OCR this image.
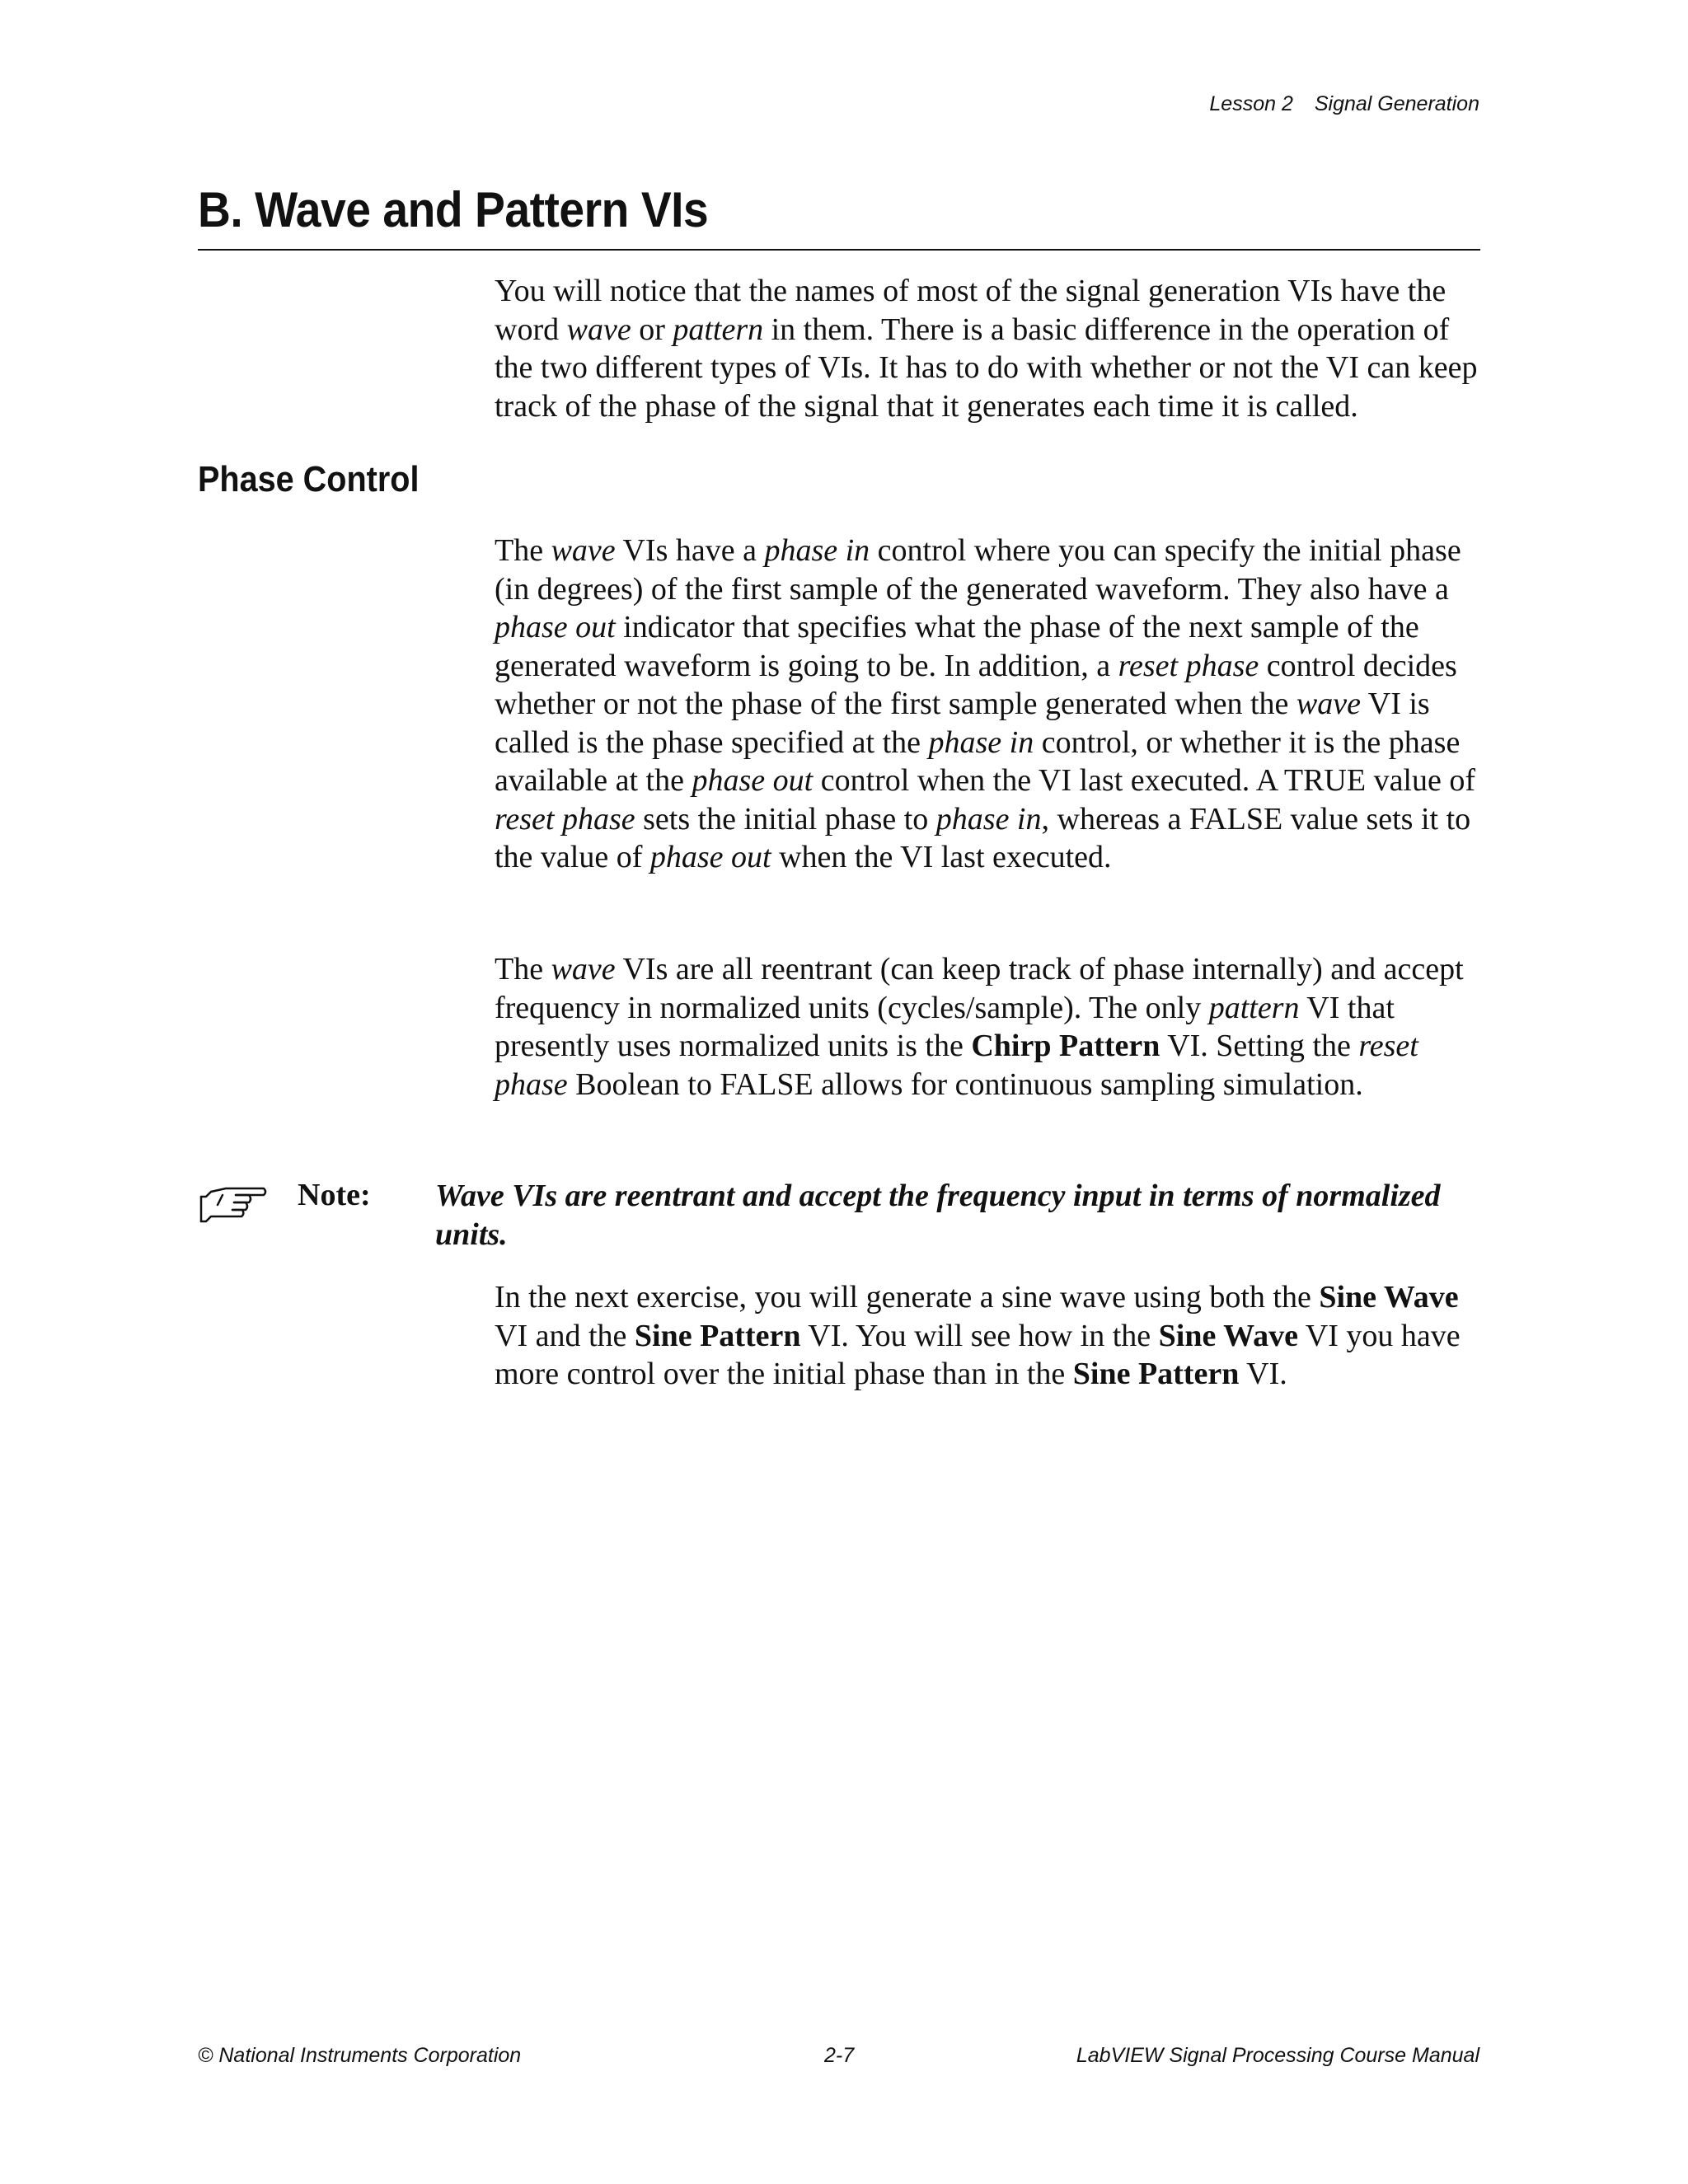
Lesson 2 Signal Generation
B. Wave and Pattern VIs

You will notice that the names of most of the signal generation VIs have the word wave or pattern in them. There is a basic difference in the operation of the two different types of VIs. It has to do with whether or not the VI can keep track of the phase of the signal that it generates each time it is called.

Phase Control

The wave VIs have a phase in control where you can specify the initial phase (in degrees) of the first sample of the generated waveform. They also have a phase out indicator that specifies what the phase of the next sample of the generated waveform is going to be. In addition, a reset phase control decides whether or not the phase of the first sample generated when the wave VI is called is the phase specified at the phase in control, or whether it is the phase available at the phase out control when the VI last executed. A TRUE value of reset phase sets the initial phase to phase in, whereas a FALSE value sets it to the value of phase out when the VI last executed.

The wave VIs are all reentrant (can keep track of phase internally) and accept frequency in normalized units (cycles/sample). The only pattern VI that presently uses normalized units is the Chirp Pattern VI. Setting the reset phase Boolean to FALSE allows for continuous sampling simulation.

Note: Wave VIs are reentrant and accept the frequency input in terms of normalized units.

In the next exercise, you will generate a sine wave using both the Sine Wave VI and the Sine Pattern VI. You will see how in the Sine Wave VI you have more control over the initial phase than in the Sine Pattern VI.

© National Instruments Corporation	2-7	LabVIEW Signal Processing Course Manual
